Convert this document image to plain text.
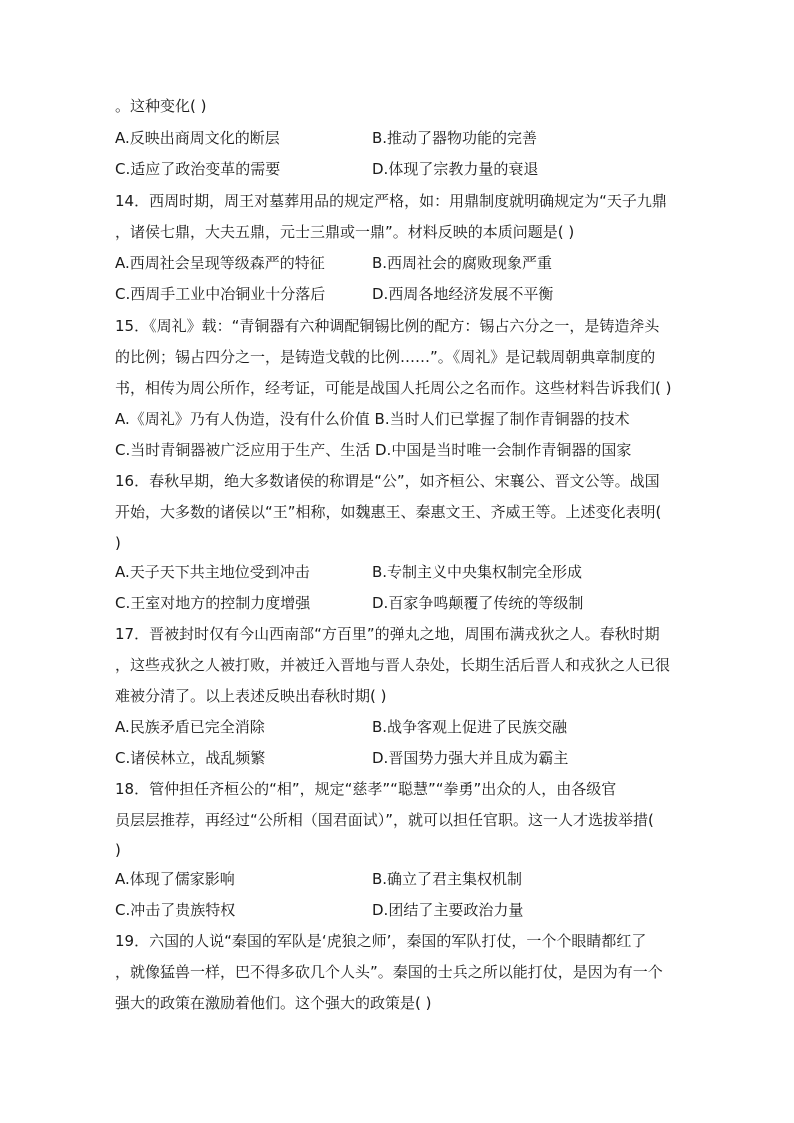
。这种变化( )
A.反映出商周文化的断层	B.推动了器物功能的完善
C.适应了政治变革的需要	D.体现了宗教力量的衰退
14．西周时期，周王对墓葬用品的规定严格，如：用鼎制度就明确规定为“天子九鼎
，诸侯七鼎，大夫五鼎，元士三鼎或一鼎”。材料反映的本质问题是( )
A.西周社会呈现等级森严的特征	B.西周社会的腐败现象严重
C.西周手工业中冶铜业十分落后	D.西周各地经济发展不平衡
15．《周礼》载：“青铜器有六种调配铜锡比例的配方：锡占六分之一，是铸造斧头
的比例；锡占四分之一，是铸造戈戟的比例……”。《周礼》是记载周朝典章制度的
书，相传为周公所作，经考证，可能是战国人托周公之名而作。这些材料告诉我们( )
A.《周礼》乃有人伪造，没有什么价值 B.当时人们已掌握了制作青铜器的技术
C.当时青铜器被广泛应用于生产、生活 D.中国是当时唯一会制作青铜器的国家
16．春秋早期，绝大多数诸侯的称谓是“公”，如齐桓公、宋襄公、晋文公等。战国
开始，大多数的诸侯以“王”相称，如魏惠王、秦惠文王、齐威王等。上述变化表明(
)
A.天子天下共主地位受到冲击	B.专制主义中央集权制完全形成
C.王室对地方的控制力度增强	D.百家争鸣颠覆了传统的等级制
17．晋被封时仅有今山西南部“方百里”的弹丸之地，周围布满戎狄之人。春秋时期
，这些戎狄之人被打败，并被迁入晋地与晋人杂处，长期生活后晋人和戎狄之人已很
难被分清了。以上表述反映出春秋时期( )
A.民族矛盾已完全消除	B.战争客观上促进了民族交融
C.诸侯林立，战乱频繁	D.晋国势力强大并且成为霸主
18．管仲担任齐桓公的“相”，规定“慈孝”“聪慧”“拳勇”出众的人，由各级官
员层层推荐，再经过“公所相（国君面试）”，就可以担任官职。这一人才选拔举措(
)
A.体现了儒家影响	B.确立了君主集权机制
C.冲击了贵族特权	D.团结了主要政治力量
19．六国的人说“秦国的军队是‘虎狼之师’，秦国的军队打仗，一个个眼睛都红了
，就像猛兽一样，巴不得多砍几个人头”。秦国的士兵之所以能打仗，是因为有一个
强大的政策在激励着他们。这个强大的政策是( )
